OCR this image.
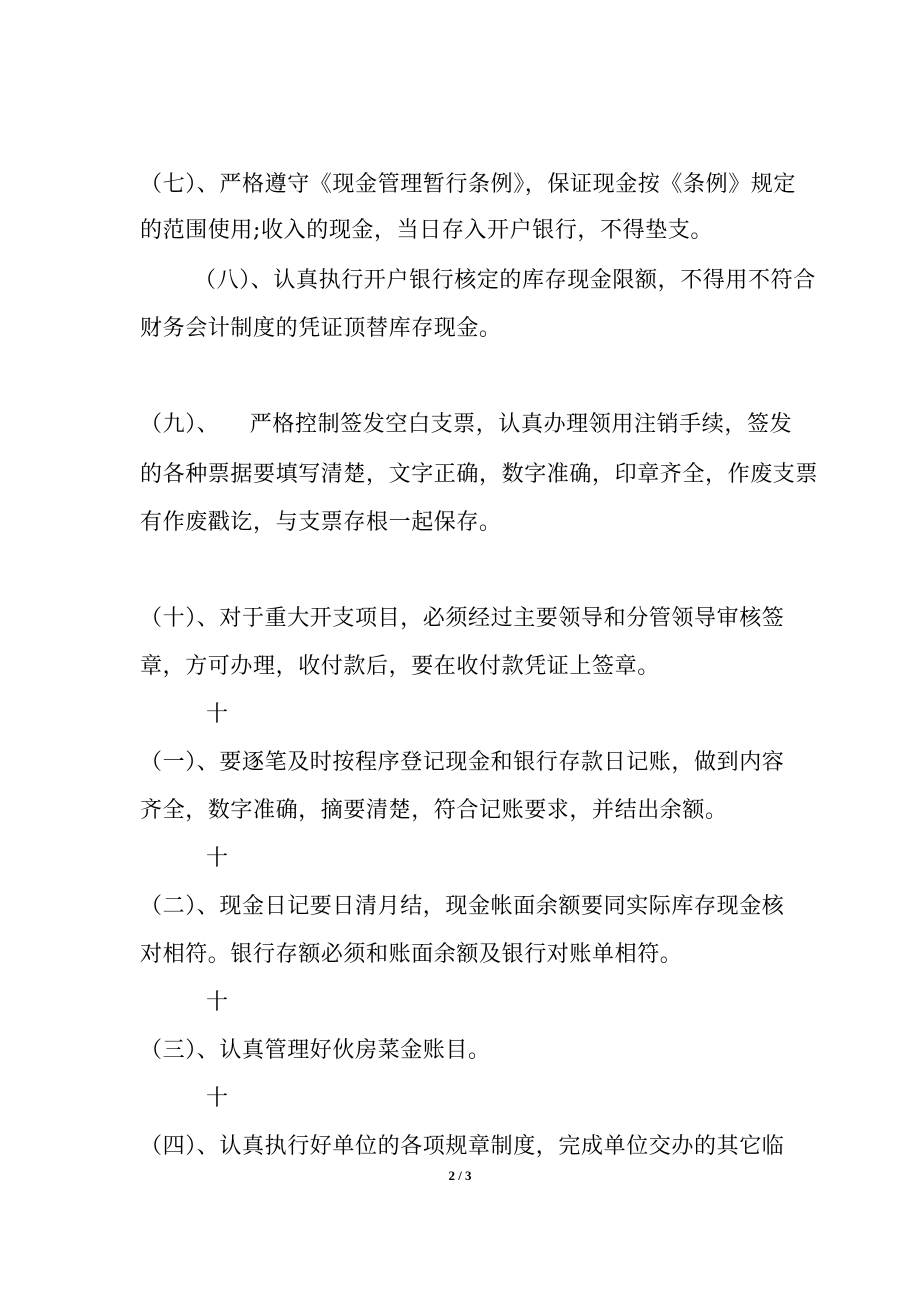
（七）、严格遵守《现金管理暂行条例》，保证现金按《条例》规定
的范围使用;收入的现金，当日存入开户银行，不得垫支。
（八）、认真执行开户银行核定的库存现金限额，不得用不符合
财务会计制度的凭证顶替库存现金。
（九）、    严格控制签发空白支票，认真办理领用注销手续，签发
的各种票据要填写清楚，文字正确，数字准确，印章齐全，作废支票
有作废戳讫，与支票存根一起保存。
（十）、对于重大开支项目，必须经过主要领导和分管领导审核签
章，方可办理，收付款后，要在收付款凭证上签章。
十
（一）、要逐笔及时按程序登记现金和银行存款日记账，做到内容
齐全，数字准确，摘要清楚，符合记账要求，并结出余额。
十
（二）、现金日记要日清月结，现金帐面余额要同实际库存现金核
对相符。银行存额必须和账面余额及银行对账单相符。
十
（三）、认真管理好伙房菜金账目。
十
（四）、认真执行好单位的各项规章制度，完成单位交办的其它临
2 / 3
